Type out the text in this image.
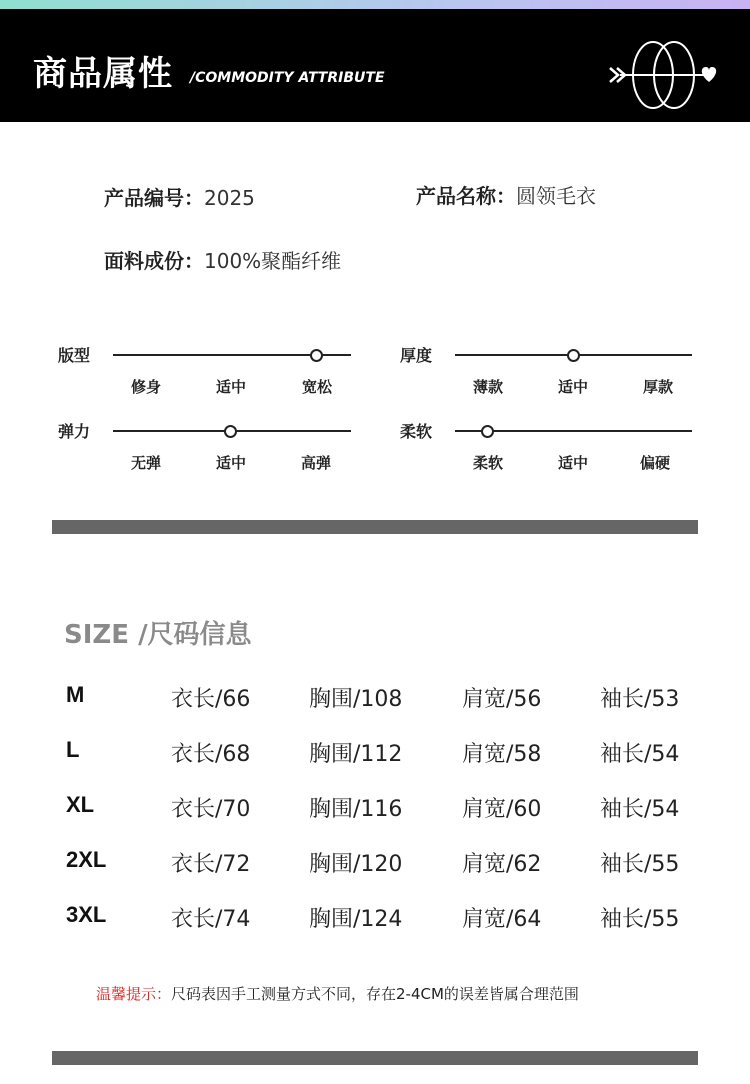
商品属性 /COMMODITY ATTRIBUTE
产品编号：2025	产品名称：圆领毛衣
面料成份：100%聚酯纤维
版型
修身	适中	宽松
厚度
薄款	适中	厚款
弹力
无弹	适中	高弹
柔软
柔软	适中	偏硬
SIZE /尺码信息
M	衣长/66	胸围/108	肩宽/56	袖长/53
L	衣长/68	胸围/112	肩宽/58	袖长/54
XL	衣长/70	胸围/116	肩宽/60	袖长/54
2XL	衣长/72	胸围/120	肩宽/62	袖长/55
3XL	衣长/74	胸围/124	肩宽/64	袖长/55
温馨提示：尺码表因手工测量方式不同，存在2-4CM的误差皆属合理范围
